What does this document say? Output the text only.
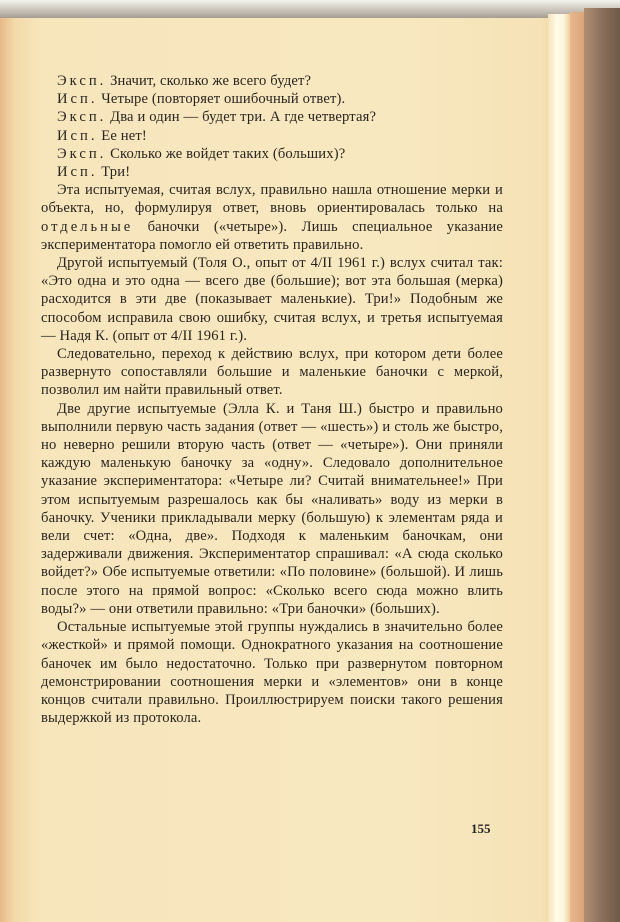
Эксп. Значит, сколько же всего будет?

Исп. Четыре (повторяет ошибочный ответ).

Эксп. Два и один — будет три. А где четвертая?

Исп. Ее нет!

Эксп. Сколько же войдет таких (больших)?

Исп. Три!

Эта испытуемая, считая вслух, правильно нашла отношение мерки и объекта, но, формулируя ответ, вновь ориентировалась только на отдельные баночки («четыре»). Лишь специальное указание экспериментатора помогло ей ответить правильно.

Другой испытуемый (Толя О., опыт от 4/II 1961 г.) вслух считал так: «Это одна и это одна — всего две (большие); вот эта большая (мерка) расходится в эти две (показывает маленькие). Три!» Подобным же способом исправила свою ошибку, считая вслух, и третья испытуемая — Надя К. (опыт от 4/II 1961 г.).

Следовательно, переход к действию вслух, при котором дети более развернуто сопоставляли большие и маленькие баночки с меркой, позволил им найти правильный ответ.

Две другие испытуемые (Элла К. и Таня Ш.) быстро и правильно выполнили первую часть задания (ответ — «шесть») и столь же быстро, но неверно решили вторую часть (ответ — «четыре»). Они приняли каждую маленькую баночку за «одну». Следовало дополнительное указание экспериментатора: «Четыре ли? Считай внимательнее!» При этом испытуемым разрешалось как бы «наливать» воду из мерки в баночку. Ученики прикладывали мерку (большую) к элементам ряда и вели счет: «Одна, две». Подходя к маленьким баночкам, они задерживали движения. Экспериментатор спрашивал: «А сюда сколько войдет?» Обе испытуемые ответили: «По половине» (большой). И лишь после этого на прямой вопрос: «Сколько всего сюда можно влить воды?» — они ответили правильно: «Три баночки» (больших).

Остальные испытуемые этой группы нуждались в значительно более «жесткой» и прямой помощи. Однократного указания на соотношение баночек им было недостаточно. Только при развернутом повторном демонстрировании соотношения мерки и «элементов» они в конце концов считали правильно. Проиллюстрируем поиски такого решения выдержкой из протокола.

155
